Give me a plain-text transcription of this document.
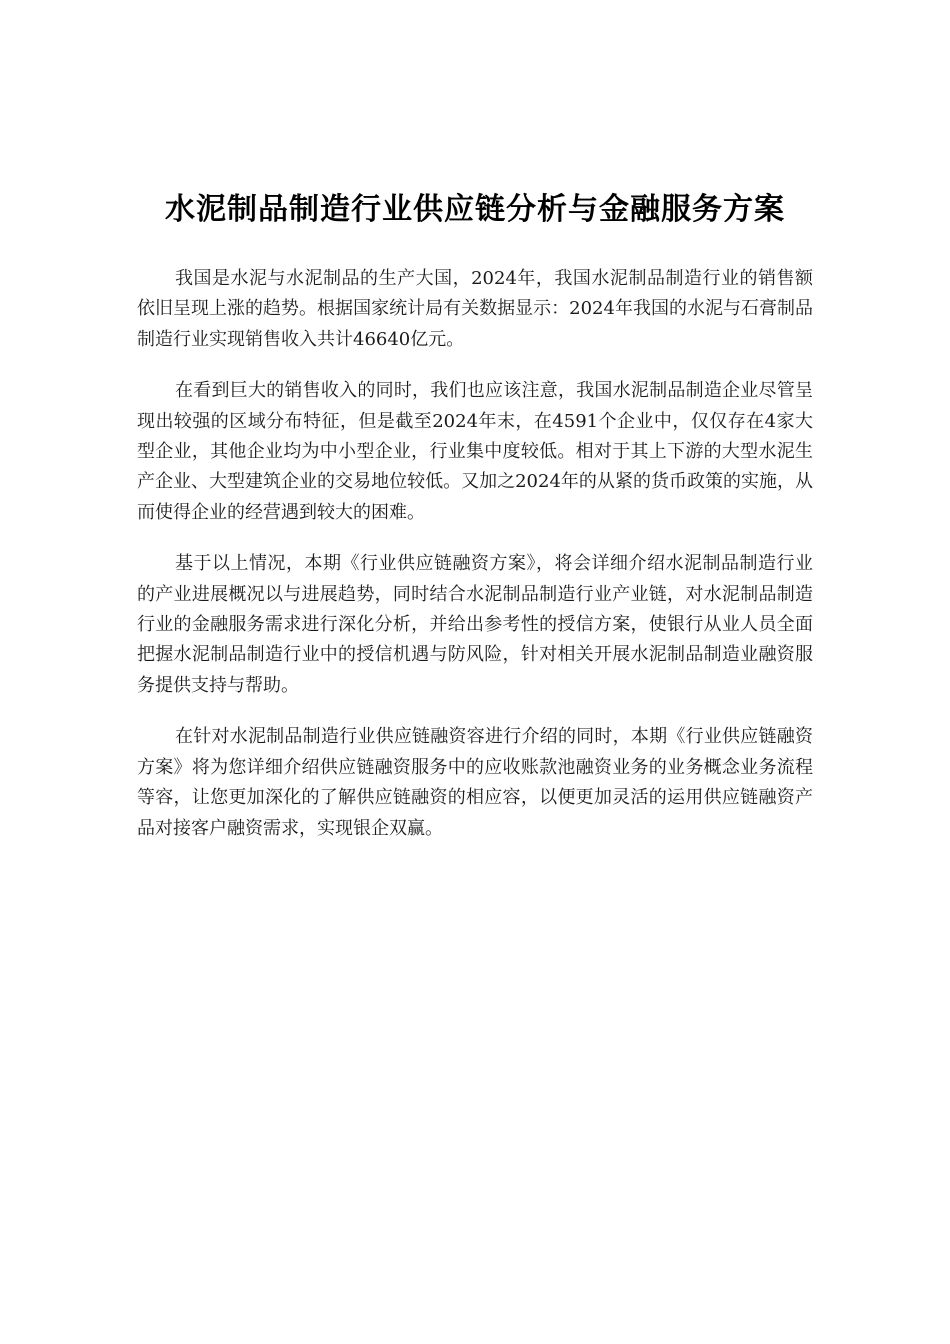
水泥制品制造行业供应链分析与金融服务方案

我国是水泥与水泥制品的生产大国，2024年，我国水泥制品制造行业的销售额依旧呈现上涨的趋势。根据国家统计局有关数据显示：2024年我国的水泥与石膏制品制造行业实现销售收入共计46640亿元。

在看到巨大的销售收入的同时，我们也应该注意，我国水泥制品制造企业尽管呈现出较强的区域分布特征，但是截至2024年末，在4591个企业中，仅仅存在4家大型企业，其他企业均为中小型企业，行业集中度较低。相对于其上下游的大型水泥生产企业、大型建筑企业的交易地位较低。又加之2024年的从紧的货币政策的实施，从而使得企业的经营遇到较大的困难。

基于以上情况，本期《行业供应链融资方案》，将会详细介绍水泥制品制造行业的产业进展概况以与进展趋势，同时结合水泥制品制造行业产业链，对水泥制品制造行业的金融服务需求进行深化分析，并给出参考性的授信方案，使银行从业人员全面把握水泥制品制造行业中的授信机遇与防风险，针对相关开展水泥制品制造业融资服务提供支持与帮助。

在针对水泥制品制造行业供应链融资容进行介绍的同时，本期《行业供应链融资方案》将为您详细介绍供应链融资服务中的应收账款池融资业务的业务概念业务流程等容，让您更加深化的了解供应链融资的相应容，以便更加灵活的运用供应链融资产品对接客户融资需求，实现银企双赢。
